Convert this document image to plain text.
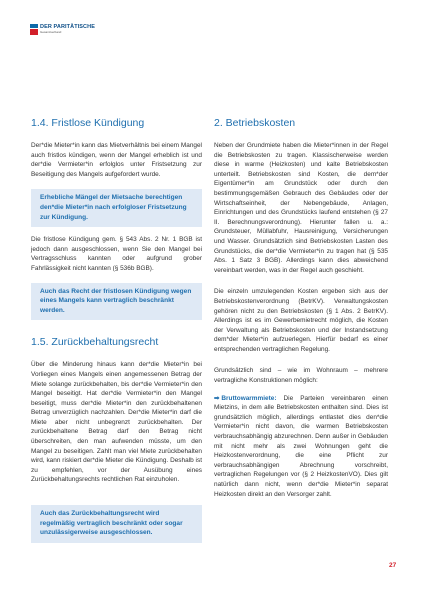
DER PARITÄTISCHE
Gesamtverband
1.4. Fristlose Kündigung

Der*die Mieter*in kann das Mietverhältnis bei einem Mangel auch fristlos kündigen, wenn der Mangel erheblich ist und der*die Vermieter*in erfolglos unter Fristsetzung zur Beseitigung des Mangels aufgefordert wurde.

Erhebliche Mängel der Mietsache berechtigen den*die Mieter*in nach erfolgloser Fristsetzung zur Kündigung.

Die fristlose Kündigung gem. § 543 Abs. 2 Nr. 1 BGB ist jedoch dann ausgeschlossen, wenn Sie den Mangel bei Vertragsschluss kannten oder aufgrund grober Fahrlässigkeit nicht kannten (§ 536b BGB).

Auch das Recht der fristlosen Kündigung wegen eines Mangels kann vertraglich beschränkt werden.
1.5. Zurückbehaltungsrecht

Über die Minderung hinaus kann der*die Mieter*in bei Vorliegen eines Mangels einen angemessenen Betrag der Miete solange zurückbehalten, bis der*die Vermieter*in den Mangel beseitigt. Hat der*die Vermieter*in den Mangel beseitigt, muss der*die Mieter*in den zurückbehaltenen Betrag unverzüglich nachzahlen. Der*die Mieter*in darf die Miete aber nicht unbegrenzt zurückbehalten. Der zurückbehaltene Betrag darf den Betrag nicht überschreiten, den man aufwenden müsste, um den Mangel zu beseitigen. Zahlt man viel Miete zurückbehalten wird, kann riskiert der*die Mieter die Kündigung. Deshalb ist zu empfehlen, vor der Ausübung eines Zurückbehaltungsrechts rechtlichen Rat einzuholen.

Auch das Zurückbehaltungsrecht wird regelmäßig vertraglich beschränkt oder sogar unzulässigerweise ausgeschlossen.
2. Betriebskosten

Neben der Grundmiete haben die Mieter*innen in der Regel die Betriebskosten zu tragen. Klassischerweise werden diese in warme (Heizkosten) und kalte Betriebskosten unterteilt. Betriebskosten sind Kosten, die dem*der Eigentümer*in am Grundstück oder durch den bestimmungsgemäßen Gebrauch des Gebäudes oder der Wirtschaftseinheit, der Nebengebäude, Anlagen, Einrichtungen und des Grundstücks laufend entstehen (§ 27 II. Berechnungsverordnung). Hierunter fallen u. a.: Grundsteuer, Müllabfuhr, Hausreinigung, Versicherungen und Wasser. Grundsätzlich sind Betriebskosten Lasten des Grundstücks, die der*die Vermieter*in zu tragen hat (§ 535 Abs. 1 Satz 3 BGB). Allerdings kann dies abweichend vereinbart werden, was in der Regel auch geschieht.

Die einzeln umzulegenden Kosten ergeben sich aus der Betriebskostenverordnung (BetrKV). Verwaltungskosten gehören nicht zu den Betriebskosten (§ 1 Abs. 2 BetrKV). Allerdings ist es im Gewerbemietrecht möglich, die Kosten der Verwaltung als Betriebskosten und der Instandsetzung dem*der Mieter*in aufzuerlegen. Hierfür bedarf es einer entsprechenden vertraglichen Regelung.

Grundsätzlich sind – wie im Wohnraum – mehrere vertragliche Konstruktionen möglich:

➡ Bruttowarmmiete: Die Parteien vereinbaren einen Mietzins, in dem alle Betriebskosten enthalten sind. Dies ist grundsätzlich möglich, allerdings entlastet dies den*die Vermieter*in nicht davon, die warmen Betriebskosten verbrauchsabhängig abzurechnen. Denn außer in Gebäuden mit nicht mehr als zwei Wohnungen geht die Heizkostenverordnung, die eine Pflicht zur verbrauchsabhängigen Abrechnung vorschreibt, vertraglichen Regelungen vor (§ 2 HeizkostenVO). Dies gilt natürlich dann nicht, wenn der*die Mieter*in separat Heizkosten direkt an den Versorger zahlt.

27
